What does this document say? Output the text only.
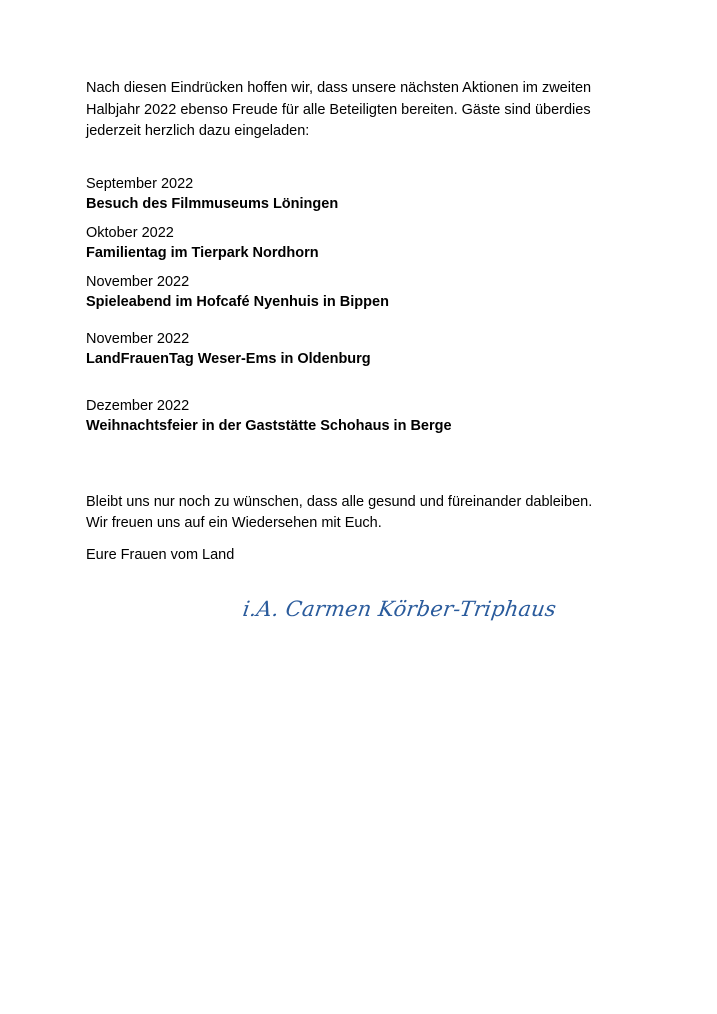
Nach diesen Eindrücken hoffen wir, dass unsere nächsten Aktionen im zweiten Halbjahr 2022 ebenso Freude für alle Beteiligten bereiten. Gäste sind überdies jederzeit herzlich dazu eingeladen:

September 2022
Besuch des Filmmuseums Löningen
Oktober 2022
Familientag im Tierpark Nordhorn
November 2022
Spieleabend im Hofcafé Nyenhuis in Bippen
November 2022
LandFrauenTag Weser-Ems in Oldenburg
Dezember 2022
Weihnachtsfeier in der Gaststätte Schohaus in Berge

Bleibt uns nur noch zu wünschen, dass alle gesund und füreinander dableiben.

Wir freuen uns auf ein Wiedersehen mit Euch.

Eure Frauen vom Land

i.A. Carmen Körber-Triphaus
